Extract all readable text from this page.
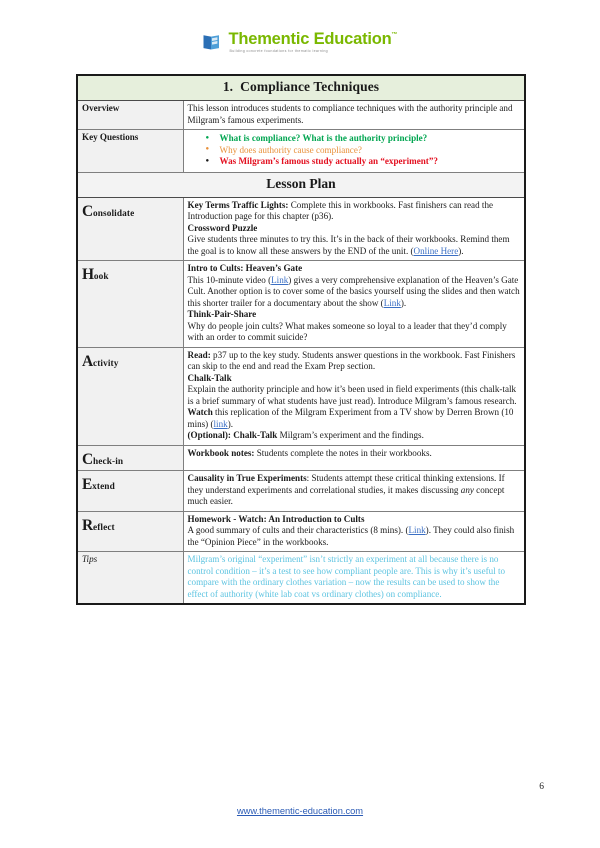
Thementic Education ™
Building concrete foundations for thematic learning
1. Compliance Techniques	
Overview	This lesson introduces students to compliance techniques with the authority principle and Milgram’s famous experiments.

Key Questions	
●What is compliance? What is the authority principle?
● Why does authority cause compliance?
● Was Milgram’s famous study actually an “experiment”?

Lesson Plan	
Consolidate	Key Terms Traffic Lights: Complete this in workbooks. Fast finishers can read the Introduction page for this chapter (p36).

Crossword Puzzle

Give students three minutes to try this. It’s in the back of their workbooks. Remind them the goal is to know all these answers by the END of the unit. (Online Here).

Hook	Intro to Cults: Heaven’s Gate

This 10-minute video (Link) gives a very comprehensive explanation of the Heaven’s Gate Cult. Another option is to cover some of the basics yourself using the slides and then watch this shorter trailer for a documentary about the show (Link).

Think-Pair-Share

Why do people join cults? What makes someone so loyal to a leader that they’d comply with an order to commit suicide?

Activity	Read: p37 up to the key study. Students answer questions in the workbook. Fast Finishers can skip to the end and read the Exam Prep section.

Chalk-Talk

Explain the authority principle and how it’s been used in field experiments (this chalk-talk is a brief summary of what students have just read). Introduce Milgram’s famous research.

Watch this replication of the Milgram Experiment from a TV show by Derren Brown (10 mins) (link).

(Optional): Chalk-Talk Milgram’s experiment and the findings.

Check-in	Workbook notes: Students complete the notes in their workbooks.

Extend	Causality in True Experiments: Students attempt these critical thinking extensions. If they understand experiments and correlational studies, it makes discussing any concept much easier.

Reflect	Homework - Watch: An Introduction to Cults

A good summary of cults and their characteristics (8 mins). (Link). They could also finish the “Opinion Piece” in the workbooks.

Tips	Milgram’s original “experiment” isn’t strictly an experiment at all because there is no control condition – it’s a test to see how compliant people are. This is why it’s useful to compare with the ordinary clothes variation – now the results can be used to show the effect of authority (white lab coat vs ordinary clothes) on compliance.

6
www.thementic-education.com
